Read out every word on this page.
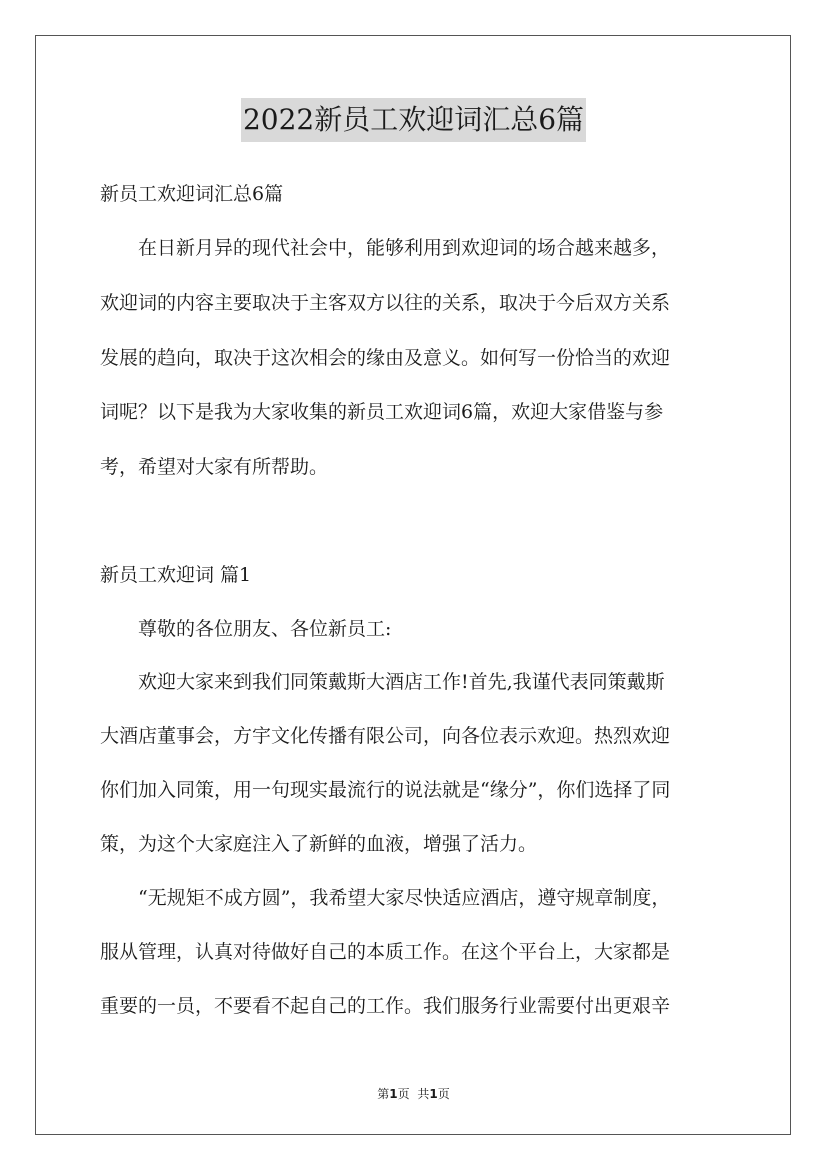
2022新员工欢迎词汇总6篇

新员工欢迎词汇总6篇

在日新月异的现代社会中，能够利用到欢迎词的场合越来越多，

欢迎词的内容主要取决于主客双方以往的关系，取决于今后双方关系

发展的趋向，取决于这次相会的缘由及意义。如何写一份恰当的欢迎

词呢？以下是我为大家收集的新员工欢迎词6篇，欢迎大家借鉴与参

考，希望对大家有所帮助。

新员工欢迎词 篇1

尊敬的各位朋友、各位新员工:

欢迎大家来到我们同策戴斯大酒店工作!首先,我谨代表同策戴斯

大酒店董事会，方宇文化传播有限公司，向各位表示欢迎。热烈欢迎

你们加入同策，用一句现实最流行的说法就是“缘分”，你们选择了同

策，为这个大家庭注入了新鲜的血液，增强了活力。

“无规矩不成方圆”，我希望大家尽快适应酒店，遵守规章制度，

服从管理，认真对待做好自己的本质工作。在这个平台上，大家都是

重要的一员，不要看不起自己的工作。我们服务行业需要付出更艰辛

第1页 共1页
